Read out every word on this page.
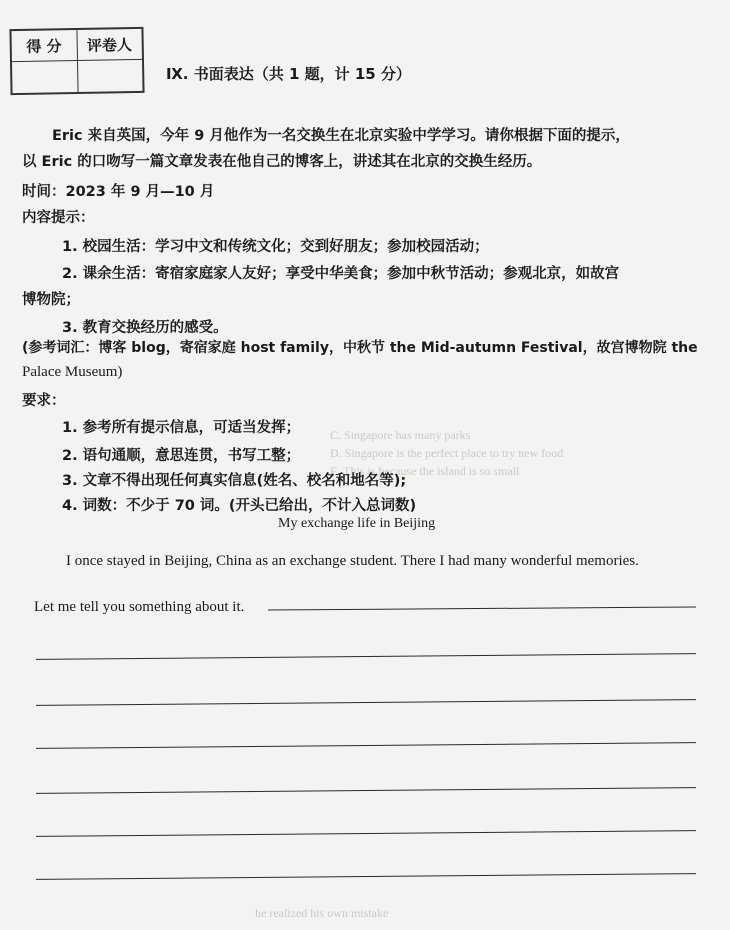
C. Singapore has many parks
D. Singapore is the perfect place to try new food
E. This is because the island is so small
he realized his own mistake
得 分	评卷人
Ⅸ. 书面表达（共 1 题，计 15 分）
Eric 来自英国，今年 9 月他作为一名交换生在北京实验中学学习。请你根据下面的提示，
以 Eric 的口吻写一篇文章发表在他自己的博客上，讲述其在北京的交换生经历。
时间：2023 年 9 月—10 月
内容提示：
1. 校园生活：学习中文和传统文化；交到好朋友；参加校园活动；
2. 课余生活：寄宿家庭家人友好；享受中华美食；参加中秋节活动；参观北京，如故宫
博物院；
3. 教育交换经历的感受。
(参考词汇：博客 blog，寄宿家庭 host family，中秋节 the Mid-autumn Festival，故宫博物院 the
Palace Museum)
要求：
1. 参考所有提示信息，可适当发挥；
2. 语句通顺，意思连贯，书写工整；
3. 文章不得出现任何真实信息(姓名、校名和地名等);
4. 词数：不少于 70 词。(开头已给出，不计入总词数)
My exchange life in Beijing
I once stayed in Beijing, China as an exchange student. There I had many wonderful memories.
Let me tell you something about it.
